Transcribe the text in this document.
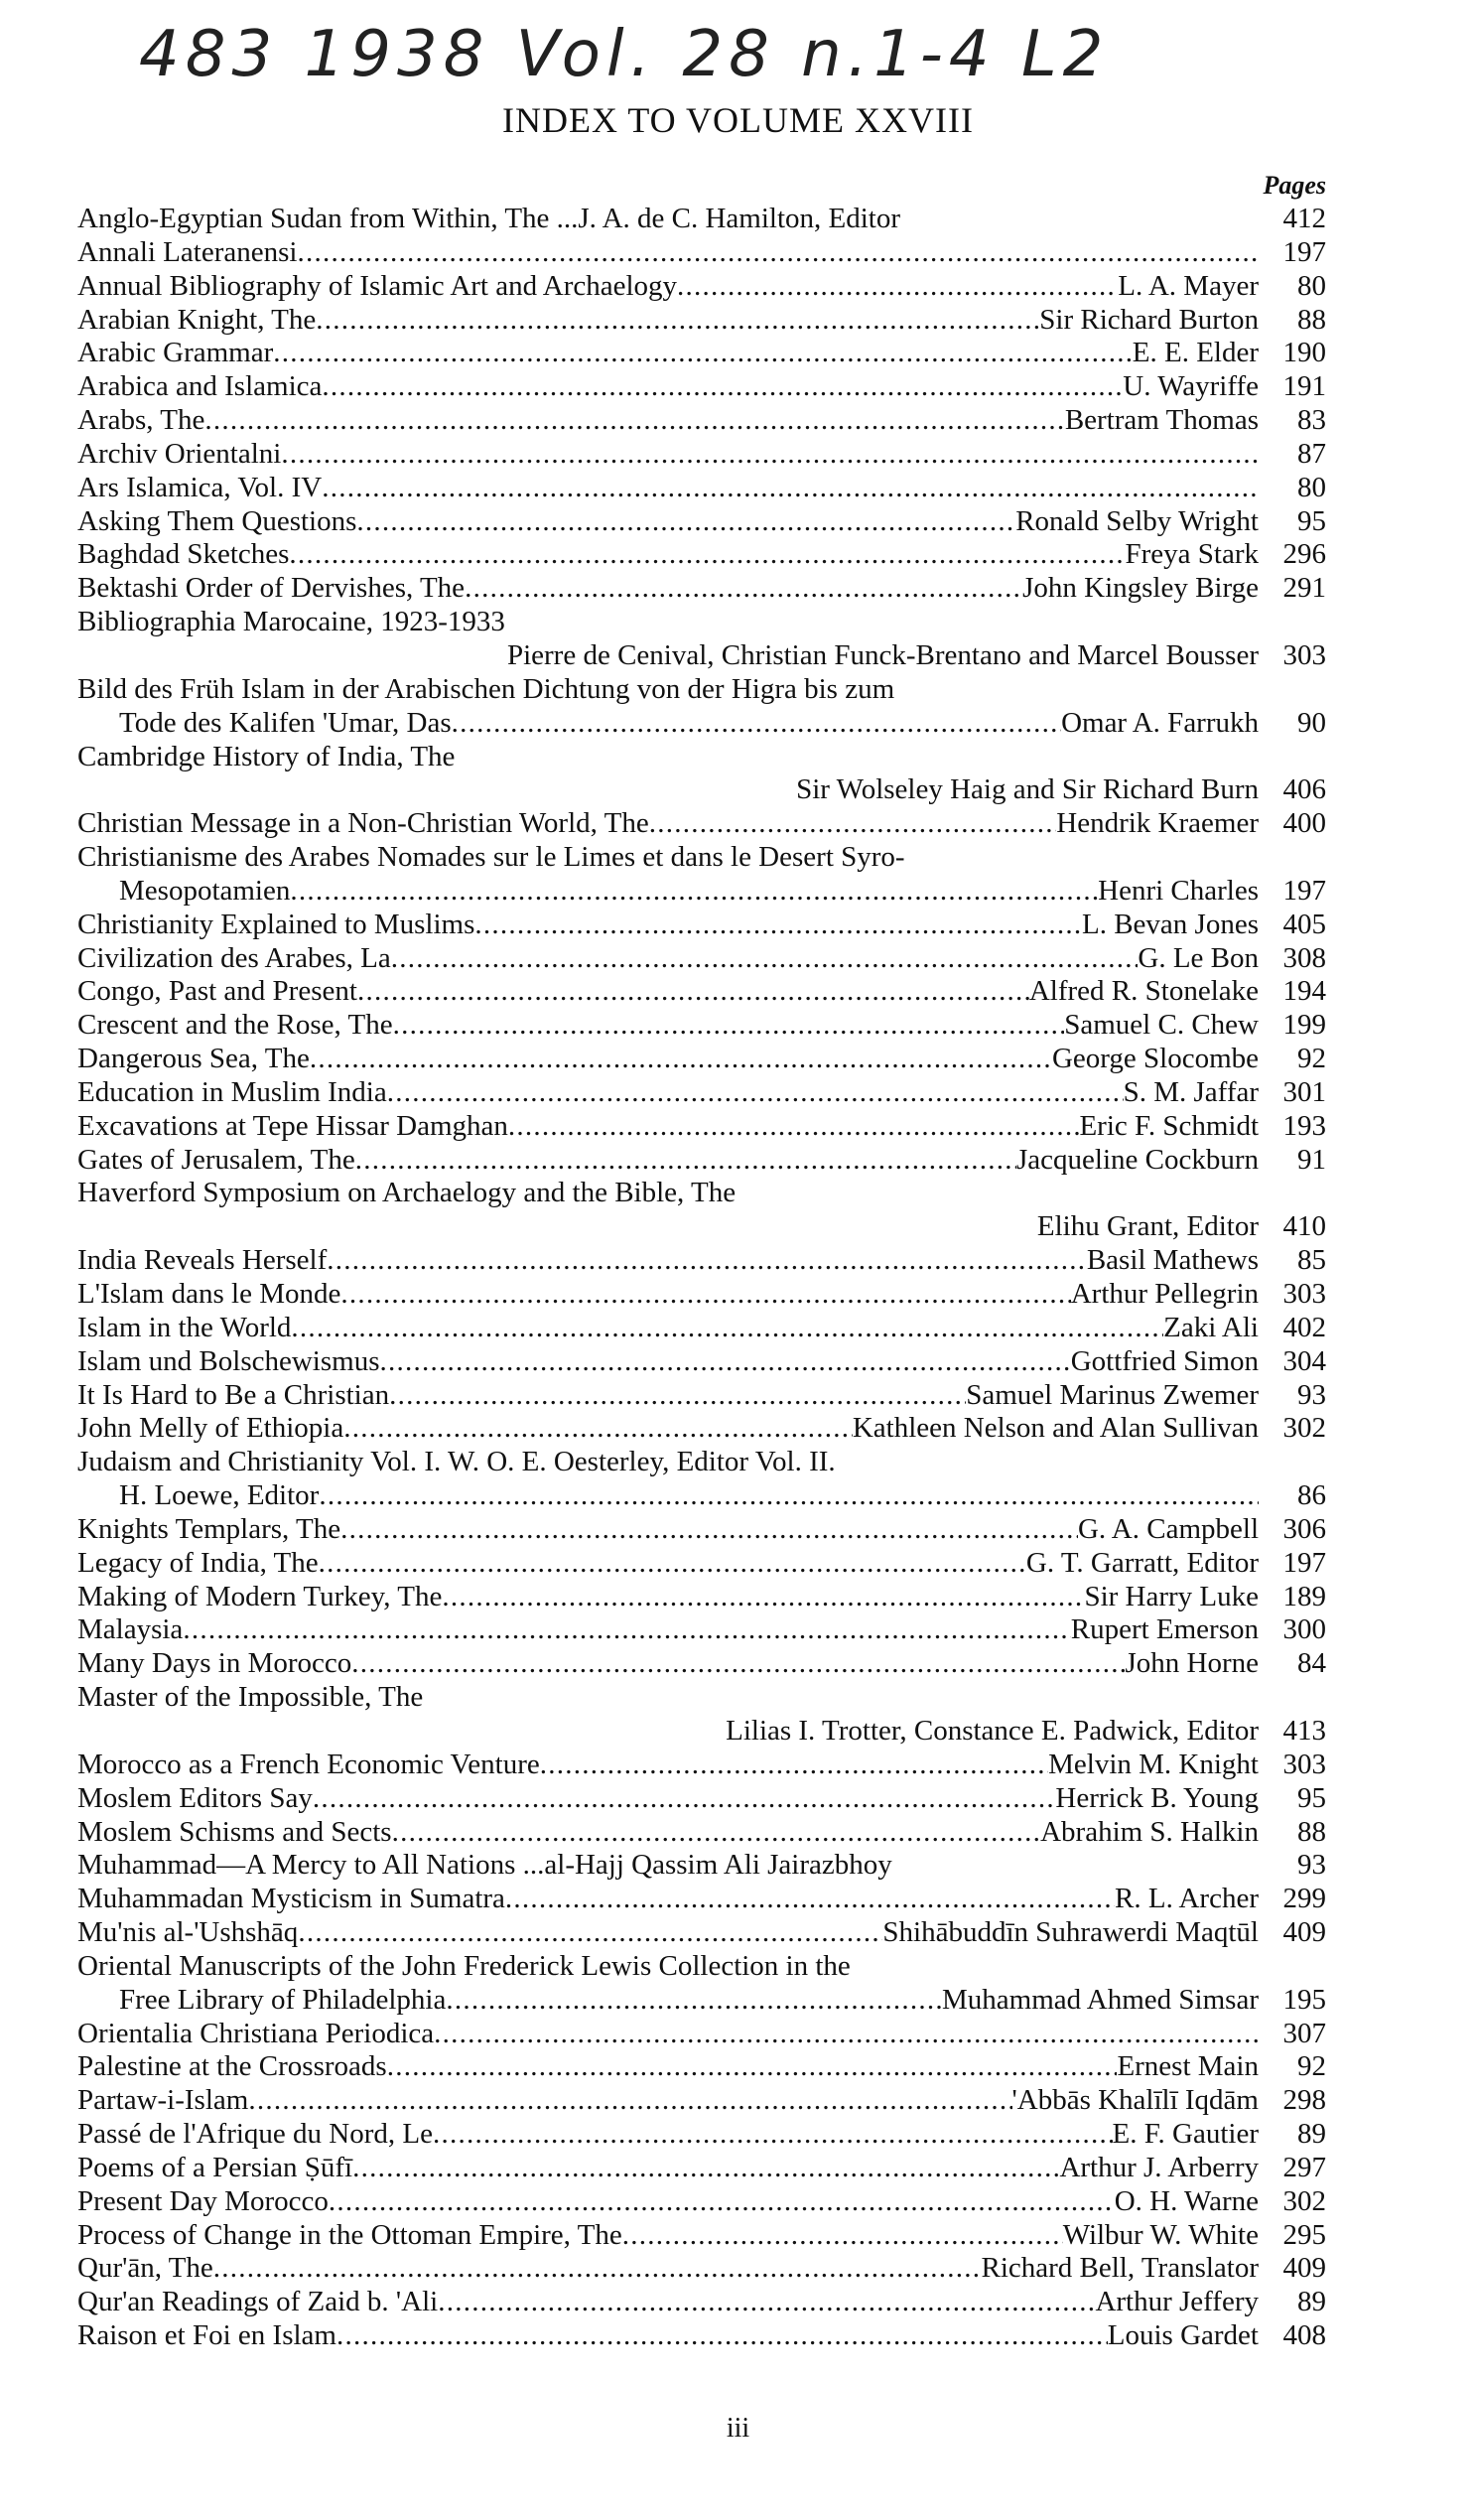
483 1938 Vol. 28 n.1-4 L2
INDEX TO VOLUME XXVIII
Pages
Anglo-Egyptian Sudan from Within, The ...J. A. de C. Hamilton, Editor	412
Annali Lateranensi . . .	197
Annual Bibliography of Islamic Art and Archaelogy . . .	L. A. Mayer	80
Arabian Knight, The . . .	Sir Richard Burton	88
Arabic Grammar . . .	E. E. Elder 190
Arabica and Islamica . . .	U. Wayriffe 191
Arabs, The . . .	Bertram Thomas	83
Archiv Orientalni . . .	87
Ars Islamica, Vol. IV . . .	80
Asking Them Questions . . .	Ronald Selby Wright	95
Baghdad Sketches . . .	Freya Stark 296
Bektashi Order of Dervishes, The . . .	John Kingsley Birge 291
Bibliographia Marocaine, 1923-1933
Pierre de Cenival, Christian Funck-Brentano and Marcel Bousser 303
Bild des Früh Islam in der Arabischen Dichtung von der Higra bis zum
Tode des Kalifen 'Umar, Das . . .	Omar A. Farrukh	90
Cambridge History of India, The
Sir Wolseley Haig and Sir Richard Burn 406
Christian Message in a Non-Christian World, The . . .	Hendrik Kraemer 400
Christianisme des Arabes Nomades sur le Limes et dans le Desert Syro-
Mesopotamien . . .	Henri Charles 197
Christianity Explained to Muslims . . .	L. Bevan Jones 405
Civilization des Arabes, La . . .	G. Le Bon 308
Congo, Past and Present . . .	Alfred R. Stonelake 194
Crescent and the Rose, The . . .	Samuel C. Chew 199
Dangerous Sea, The . . .	George Slocombe	92
Education in Muslim India . . .	S. M. Jaffar 301
Excavations at Tepe Hissar Damghan . . .	Eric F. Schmidt 193
Gates of Jerusalem, The . . .	Jacqueline Cockburn	91
Haverford Symposium on Archaelogy and the Bible, The
Elihu Grant, Editor 410
India Reveals Herself . . .	Basil Mathews	85
L'Islam dans le Monde . . .	Arthur Pellegrin 303
Islam in the World . . .	Zaki Ali 402
Islam und Bolschewismus . . .	Gottfried Simon 304
It Is Hard to Be a Christian . . .	Samuel Marinus Zwemer	93
John Melly of Ethiopia . . .	Kathleen Nelson and Alan Sullivan 302
Judaism and Christianity Vol. I. W. O. E. Oesterley, Editor Vol. II.
H. Loewe, Editor . . .	86
Knights Templars, The . . .	G. A. Campbell 306
Legacy of India, The . . .	G. T. Garratt, Editor 197
Making of Modern Turkey, The . . .	Sir Harry Luke 189
Malaysia . . .	Rupert Emerson 300
Many Days in Morocco . . .	John Horne	84
Master of the Impossible, The
Lilias I. Trotter, Constance E. Padwick, Editor 413
Morocco as a French Economic Venture . . .	Melvin M. Knight 303
Moslem Editors Say . . .	Herrick B. Young	95
Moslem Schisms and Sects . . .	Abrahim S. Halkin	88
Muhammad—A Mercy to All Nations ...al-Hajj Qassim Ali Jairazbhoy	93
Muhammadan Mysticism in Sumatra . . .	R. L. Archer 299
Mu'nis al-'Ushshāq . . .	Shihābuddīn Suhrawerdi Maqtūl 409
Oriental Manuscripts of the John Frederick Lewis Collection in the
Free Library of Philadelphia . . .	Muhammad Ahmed Simsar 195
Orientalia Christiana Periodica . . .	307
Palestine at the Crossroads . . .	Ernest Main	92
Partaw-i-Islam . . .	'Abbās Khalīlī Iqdām 298
Passé de l'Afrique du Nord, Le . . .	E. F. Gautier	89
Poems of a Persian Ṣūfī . . .	Arthur J. Arberry 297
Present Day Morocco . . .	O. H. Warne 302
Process of Change in the Ottoman Empire, The . . .	Wilbur W. White 295
Qur'ān, The . . .	Richard Bell, Translator 409
Qur'an Readings of Zaid b. 'Ali . . .	Arthur Jeffery	89
Raison et Foi en Islam . . .	Louis Gardet 408
iii
